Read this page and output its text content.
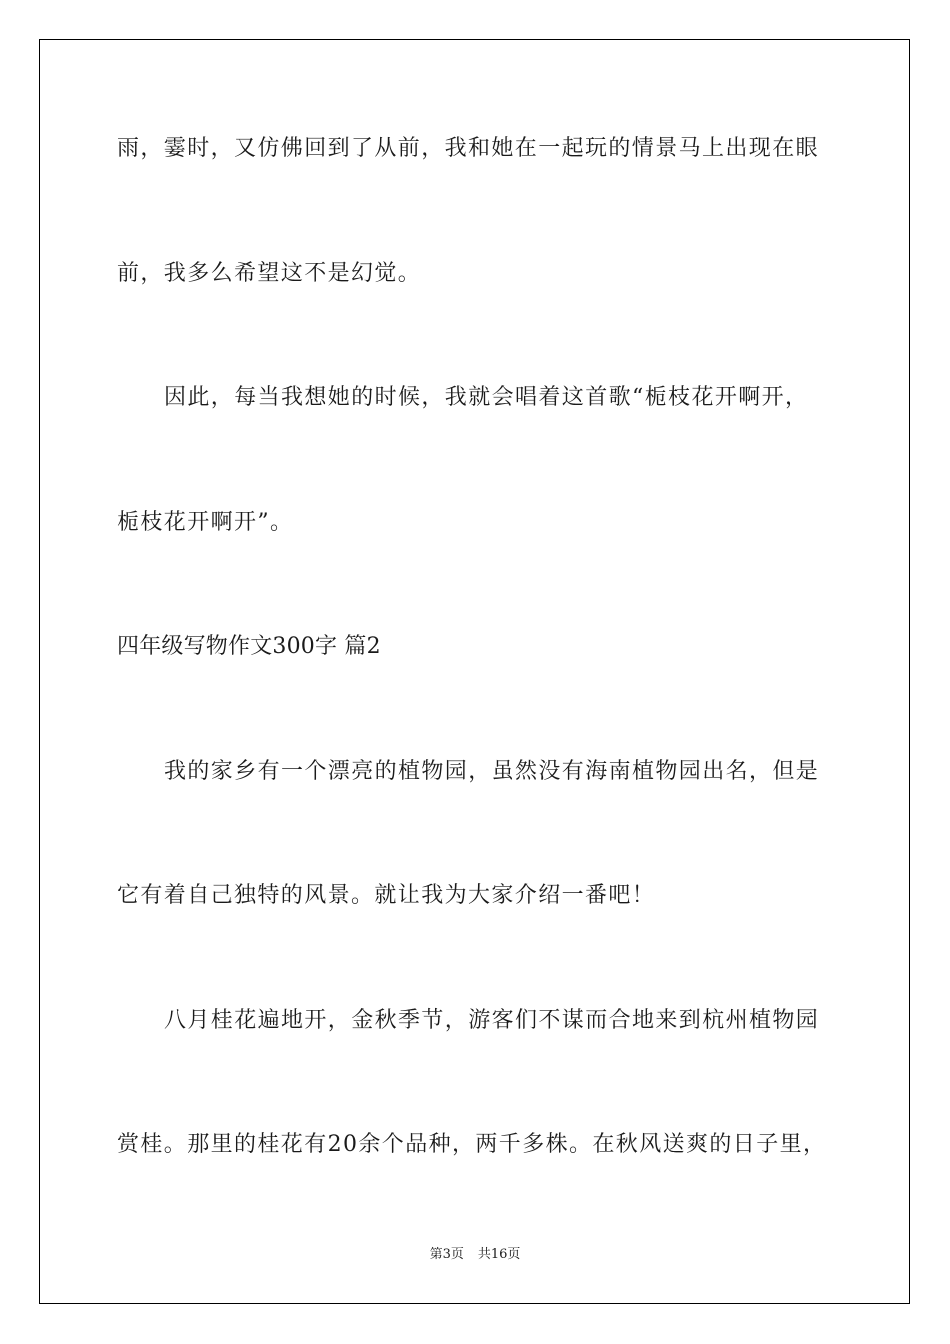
雨，霎时，又仿佛回到了从前，我和她在一起玩的情景马上出现在眼
前，我多么希望这不是幻觉。
因此，每当我想她的时候，我就会唱着这首歌“栀枝花开啊开，
栀枝花开啊开”。
四年级写物作文300字 篇2
我的家乡有一个漂亮的植物园，虽然没有海南植物园出名，但是
它有着自己独特的风景。就让我为大家介绍一番吧！
八月桂花遍地开，金秋季节，游客们不谋而合地来到杭州植物园
赏桂。那里的桂花有20余个品种，两千多株。在秋风送爽的日子里，
第3页 共16页
